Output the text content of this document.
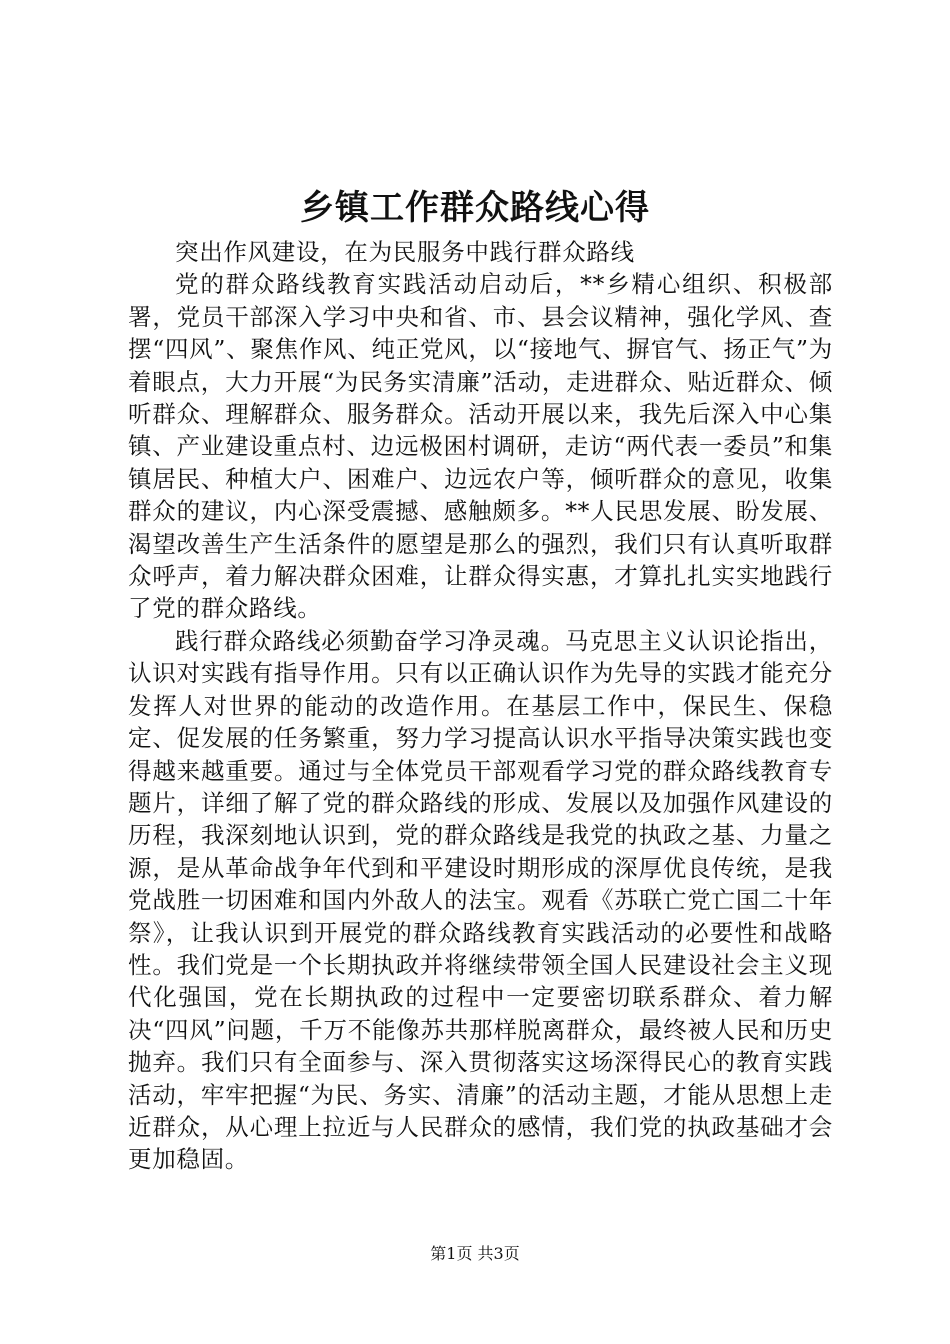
乡镇工作群众路线心得

突出作风建设，在为民服务中践行群众路线

党的群众路线教育实践活动启动后，**乡精心组织、积极部署，党员干部深入学习中央和省、市、县会议精神，强化学风、查摆“四风”、聚焦作风、纯正党风，以“接地气、摒官气、扬正气”为着眼点，大力开展“为民务实清廉”活动，走进群众、贴近群众、倾听群众、理解群众、服务群众。活动开展以来，我先后深入中心集镇、产业建设重点村、边远极困村调研，走访“两代表一委员”和集镇居民、种植大户、困难户、边远农户等，倾听群众的意见，收集群众的建议，内心深受震撼、感触颇多。**人民思发展、盼发展、渴望改善生产生活条件的愿望是那么的强烈，我们只有认真听取群众呼声，着力解决群众困难，让群众得实惠，才算扎扎实实地践行了党的群众路线。

践行群众路线必须勤奋学习净灵魂。马克思主义认识论指出，认识对实践有指导作用。只有以正确认识作为先导的实践才能充分发挥人对世界的能动的改造作用。在基层工作中，保民生、保稳定、促发展的任务繁重，努力学习提高认识水平指导决策实践也变得越来越重要。通过与全体党员干部观看学习党的群众路线教育专题片，详细了解了党的群众路线的形成、发展以及加强作风建设的历程，我深刻地认识到，党的群众路线是我党的执政之基、力量之源，是从革命战争年代到和平建设时期形成的深厚优良传统，是我党战胜一切困难和国内外敌人的法宝。观看《苏联亡党亡国二十年祭》，让我认识到开展党的群众路线教育实践活动的必要性和战略性。我们党是一个长期执政并将继续带领全国人民建设社会主义现代化强国，党在长期执政的过程中一定要密切联系群众、着力解决“四风”问题，千万不能像苏共那样脱离群众，最终被人民和历史抛弃。我们只有全面参与、深入贯彻落实这场深得民心的教育实践活动，牢牢把握“为民、务实、清廉”的活动主题，才能从思想上走近群众，从心理上拉近与人民群众的感情，我们党的执政基础才会更加稳固。

第1页 共3页
